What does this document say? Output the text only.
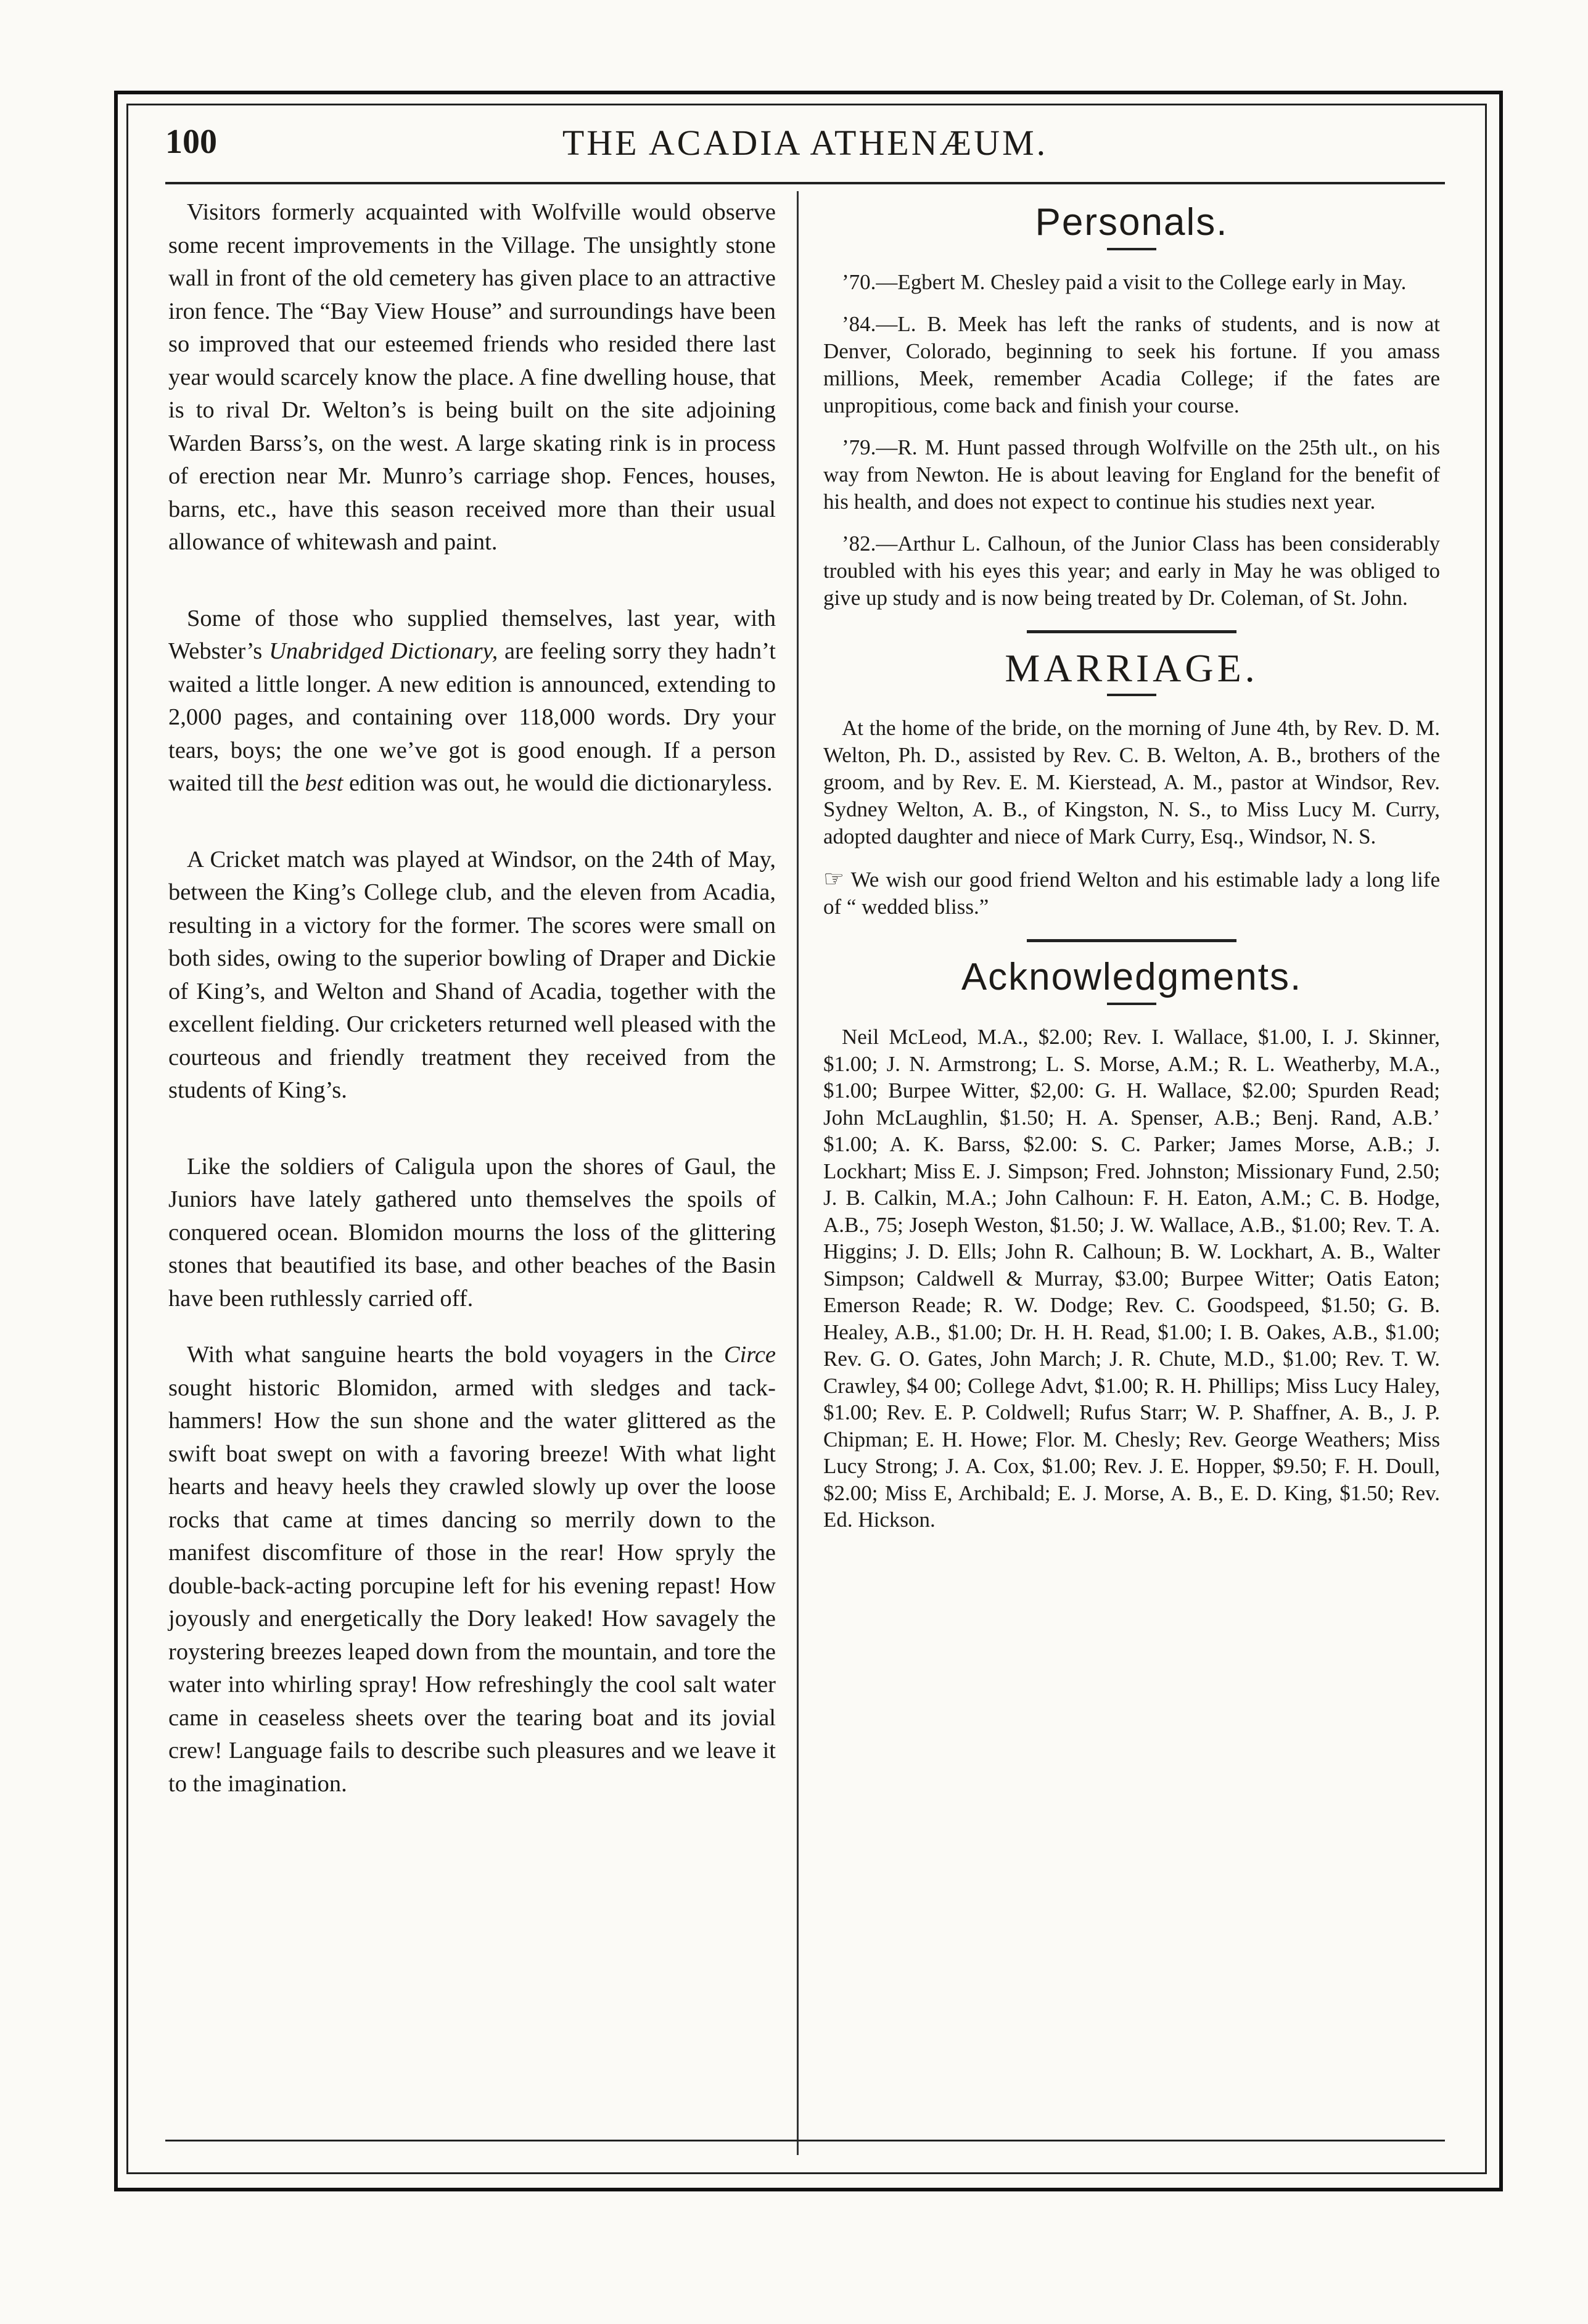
100	THE ACADIA ATHENÆUM.

Visitors formerly acquainted with Wolfville would observe some recent improvements in the Village. The unsightly stone wall in front of the old cemetery has given place to an attractive iron fence. The “Bay View House” and surroundings have been so improved that our esteemed friends who resided there last year would scarcely know the place. A fine dwelling house, that is to rival Dr. Welton’s is being built on the site adjoining Warden Barss’s, on the west. A large skating rink is in process of erection near Mr. Munro’s carriage shop. Fences, houses, barns, etc., have this season received more than their usual allowance of whitewash and paint.

Some of those who supplied themselves, last year, with Webster’s Unabridged Dictionary, are feeling sorry they hadn’t waited a little longer. A new edition is announced, extending to 2,000 pages, and containing over 118,000 words. Dry your tears, boys; the one we’ve got is good enough. If a person waited till the best edition was out, he would die dictionaryless.

A Cricket match was played at Windsor, on the 24th of May, between the King’s College club, and the eleven from Acadia, resulting in a victory for the former. The scores were small on both sides, owing to the superior bowling of Draper and Dickie of King’s, and Welton and Shand of Acadia, together with the excellent fielding. Our cricketers returned well pleased with the courteous and friendly treatment they received from the students of King’s.

Like the soldiers of Caligula upon the shores of Gaul, the Juniors have lately gathered unto themselves the spoils of conquered ocean. Blomidon mourns the loss of the glittering stones that beautified its base, and other beaches of the Basin have been ruthlessly carried off.

With what sanguine hearts the bold voyagers in the Circe sought historic Blomidon, armed with sledges and tack-hammers! How the sun shone and the water glittered as the swift boat swept on with a favoring breeze! With what light hearts and heavy heels they crawled slowly up over the loose rocks that came at times dancing so merrily down to the manifest discomfiture of those in the rear! How spryly the double-back-acting porcupine left for his evening repast! How joyously and energetically the Dory leaked! How savagely the roystering breezes leaped down from the mountain, and tore the water into whirling spray! How refreshingly the cool salt water came in ceaseless sheets over the tearing boat and its jovial crew! Language fails to describe such pleasures and we leave it to the imagination.

Personals.

’70.—Egbert M. Chesley paid a visit to the College early in May.

’84.—L. B. Meek has left the ranks of students, and is now at Denver, Colorado, beginning to seek his fortune. If you amass millions, Meek, remember Acadia College; if the fates are unpropitious, come back and finish your course.

’79.—R. M. Hunt passed through Wolfville on the 25th ult., on his way from Newton. He is about leaving for England for the benefit of his health, and does not expect to continue his studies next year.

’82.—Arthur L. Calhoun, of the Junior Class has been considerably troubled with his eyes this year; and early in May he was obliged to give up study and is now being treated by Dr. Coleman, of St. John.

MARRIAGE.

At the home of the bride, on the morning of June 4th, by Rev. D. M. Welton, Ph. D., assisted by Rev. C. B. Welton, A. B., brothers of the groom, and by Rev. E. M. Kierstead, A. M., pastor at Windsor, Rev. Sydney Welton, A. B., of Kingston, N. S., to Miss Lucy M. Curry, adopted daughter and niece of Mark Curry, Esq., Windsor, N. S.

☞ We wish our good friend Welton and his estimable lady a long life of “ wedded bliss.”

Acknowledgments.

Neil McLeod, M.A., $2.00; Rev. I. Wallace, $1.00, I. J. Skinner, $1.00; J. N. Armstrong; L. S. Morse, A.M.; R. L. Weatherby, M.A., $1.00; Burpee Witter, $2,00: G. H. Wallace, $2.00; Spurden Read; John McLaughlin, $1.50; H. A. Spenser, A.B.; Benj. Rand, A.B.’ $1.00; A. K. Barss, $2.00: S. C. Parker; James Morse, A.B.; J. Lockhart; Miss E. J. Simpson; Fred. Johnston; Missionary Fund, 2.50; J. B. Calkin, M.A.; John Calhoun: F. H. Eaton, A.M.; C. B. Hodge, A.B., 75; Joseph Weston, $1.50; J. W. Wallace, A.B., $1.00; Rev. T. A. Higgins; J. D. Ells; John R. Calhoun; B. W. Lockhart, A. B., Walter Simpson; Caldwell & Murray, $3.00; Burpee Witter; Oatis Eaton; Emerson Reade; R. W. Dodge; Rev. C. Goodspeed, $1.50; G. B. Healey, A.B., $1.00; Dr. H. H. Read, $1.00; I. B. Oakes, A.B., $1.00; Rev. G. O. Gates, John March; J. R. Chute, M.D., $1.00; Rev. T. W. Crawley, $4 00; College Advt, $1.00; R. H. Phillips; Miss Lucy Haley, $1.00; Rev. E. P. Coldwell; Rufus Starr; W. P. Shaffner, A. B., J. P. Chipman; E. H. Howe; Flor. M. Chesly; Rev. George Weathers; Miss Lucy Strong; J. A. Cox, $1.00; Rev. J. E. Hopper, $9.50; F. H. Doull, $2.00; Miss E, Archibald; E. J. Morse, A. B., E. D. King, $1.50; Rev. Ed. Hickson.
